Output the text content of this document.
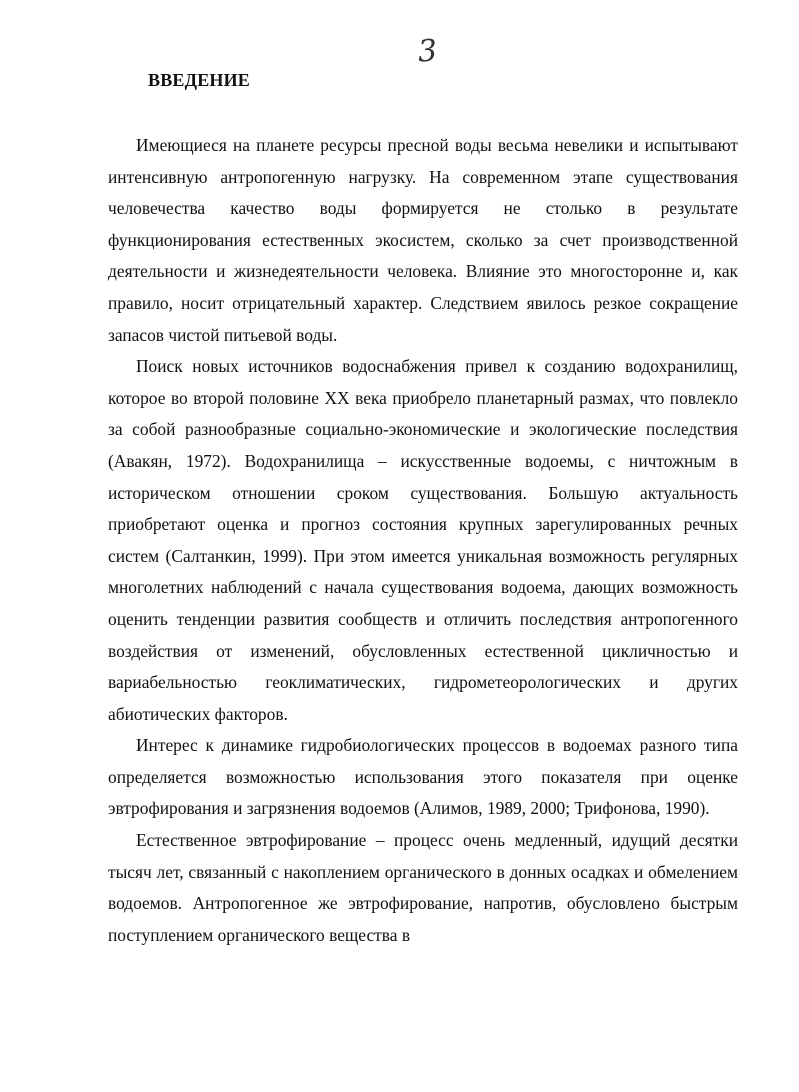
3
ВВЕДЕНИЕ

Имеющиеся на планете ресурсы пресной воды весьма невелики и испытывают интенсивную антропогенную нагрузку. На современном этапе существования человечества качество воды формируется не столько в результате функционирования естественных экосистем, сколько за счет производственной деятельности и жизнедеятельности человека. Влияние это многосторонне и, как правило, носит отрицательный характер. Следствием явилось резкое сокращение запасов чистой питьевой воды.

Поиск новых источников водоснабжения привел к созданию водохранилищ, которое во второй половине XX века приобрело планетарный размах, что повлекло за собой разнообразные социально-экономические и экологические последствия (Авакян, 1972). Водохранилища – искусственные водоемы, с ничтожным в историческом отношении сроком существования. Большую актуальность приобретают оценка и прогноз состояния крупных зарегулированных речных систем (Салтанкин, 1999). При этом имеется уникальная возможность регулярных многолетних наблюдений с начала существования водоема, дающих возможность оценить тенденции развития сообществ и отличить последствия антропогенного воздействия от изменений, обусловленных естественной цикличностью и вариабельностью геоклиматических, гидрометеорологических и других абиотических факторов.

Интерес к динамике гидробиологических процессов в водоемах разного типа определяется возможностью использования этого показателя при оценке эвтрофирования и загрязнения водоемов (Алимов, 1989, 2000; Трифонова, 1990).

Естественное эвтрофирование – процесс очень медленный, идущий десятки тысяч лет, связанный с накоплением органического в донных осадках и обмелением водоемов. Антропогенное же эвтрофирование, напротив, обусловлено быстрым поступлением органического вещества в
